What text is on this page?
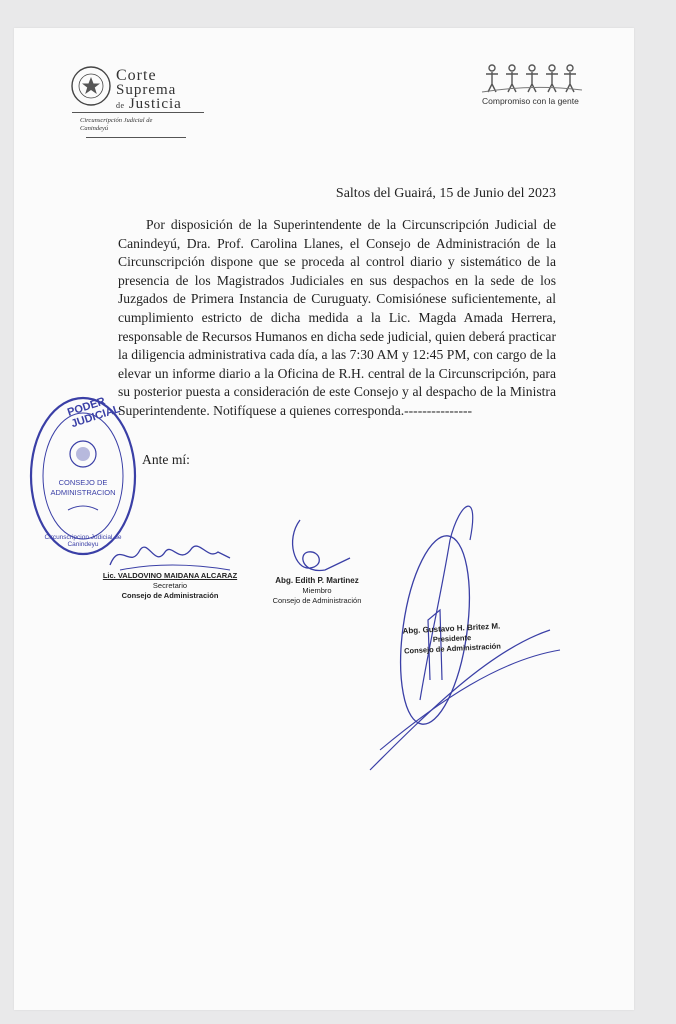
Corte
Suprema
de Justicia
Circunscripción Judicial de
Canindeyú
Compromiso con la gente
Saltos del Guairá, 15 de Junio del 2023
Por disposición de la Superintendente de la Circunscripción Judicial de Canindeyú, Dra. Prof. Carolina Llanes, el Consejo de Administración de la Circunscripción dispone que se proceda al control diario y sistemático de la presencia de los Magistrados Judiciales en sus despachos en la sede de los Juzgados de Primera Instancia de Curuguaty. Comisiónese suficientemente, al cumplimiento estricto de dicha medida a la Lic. Magda Amada Herrera, responsable de Recursos Humanos en dicha sede judicial, quien deberá practicar la diligencia administrativa cada día, a las 7:30 AM y 12:45 PM, con cargo de la elevar un informe diario a la Oficina de R.H. central de la Circunscripción, para su posterior puesta a consideración de este Consejo y al despacho de la Ministra Superintendente. Notifíquese a quienes corresponda.---------------
Ante mí:
PODER JUDICIAL
CONSEJO DE
ADMINISTRACION
Circunscripcion Judicial de Canindeyu
Lic. VALDOVINO MAIDANA ALCARAZ
Secretario
Consejo de Administración
Abg. Edith P. Martinez
Miembro
Consejo de Administración
Abg. Gustavo H. Britez M.
Presidente
Consejo de Administración
